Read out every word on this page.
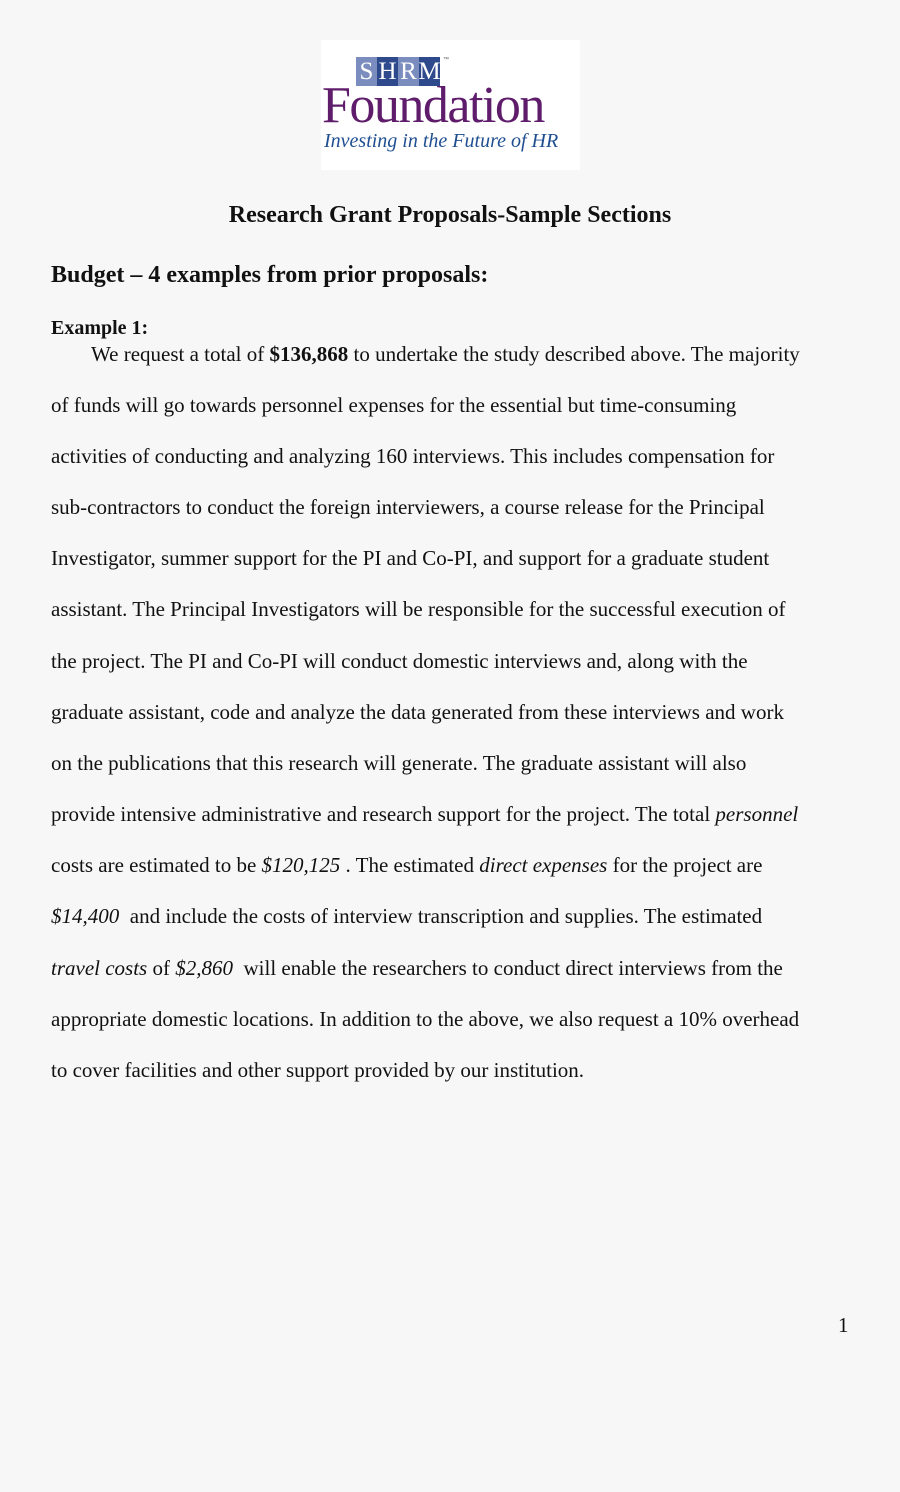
S H R M ™
Foundation
Investing in the Future of HR
Research Grant Proposals-Sample Sections
Budget – 4 examples from prior proposals:
Example 1:
We request a total of $136,868 to undertake the study described above. The majority
of funds will go towards personnel expenses for the essential but time-consuming
activities of conducting and analyzing 160 interviews. This includes compensation for
sub-contractors to conduct the foreign interviewers, a course release for the Principal
Investigator, summer support for the PI and Co-PI, and support for a graduate student
assistant. The Principal Investigators will be responsible for the successful execution of
the project. The PI and Co-PI will conduct domestic interviews and, along with the
graduate assistant, code and analyze the data generated from these interviews and work
on the publications that this research will generate. The graduate assistant will also
provide intensive administrative and research support for the project. The total personnel
costs are estimated to be $120,125 . The estimated direct expenses for the project are
$14,400  and include the costs of interview transcription and supplies. The estimated
travel costs of $2,860  will enable the researchers to conduct direct interviews from the
appropriate domestic locations. In addition to the above, we also request a 10% overhead
to cover facilities and other support provided by our institution.
1
